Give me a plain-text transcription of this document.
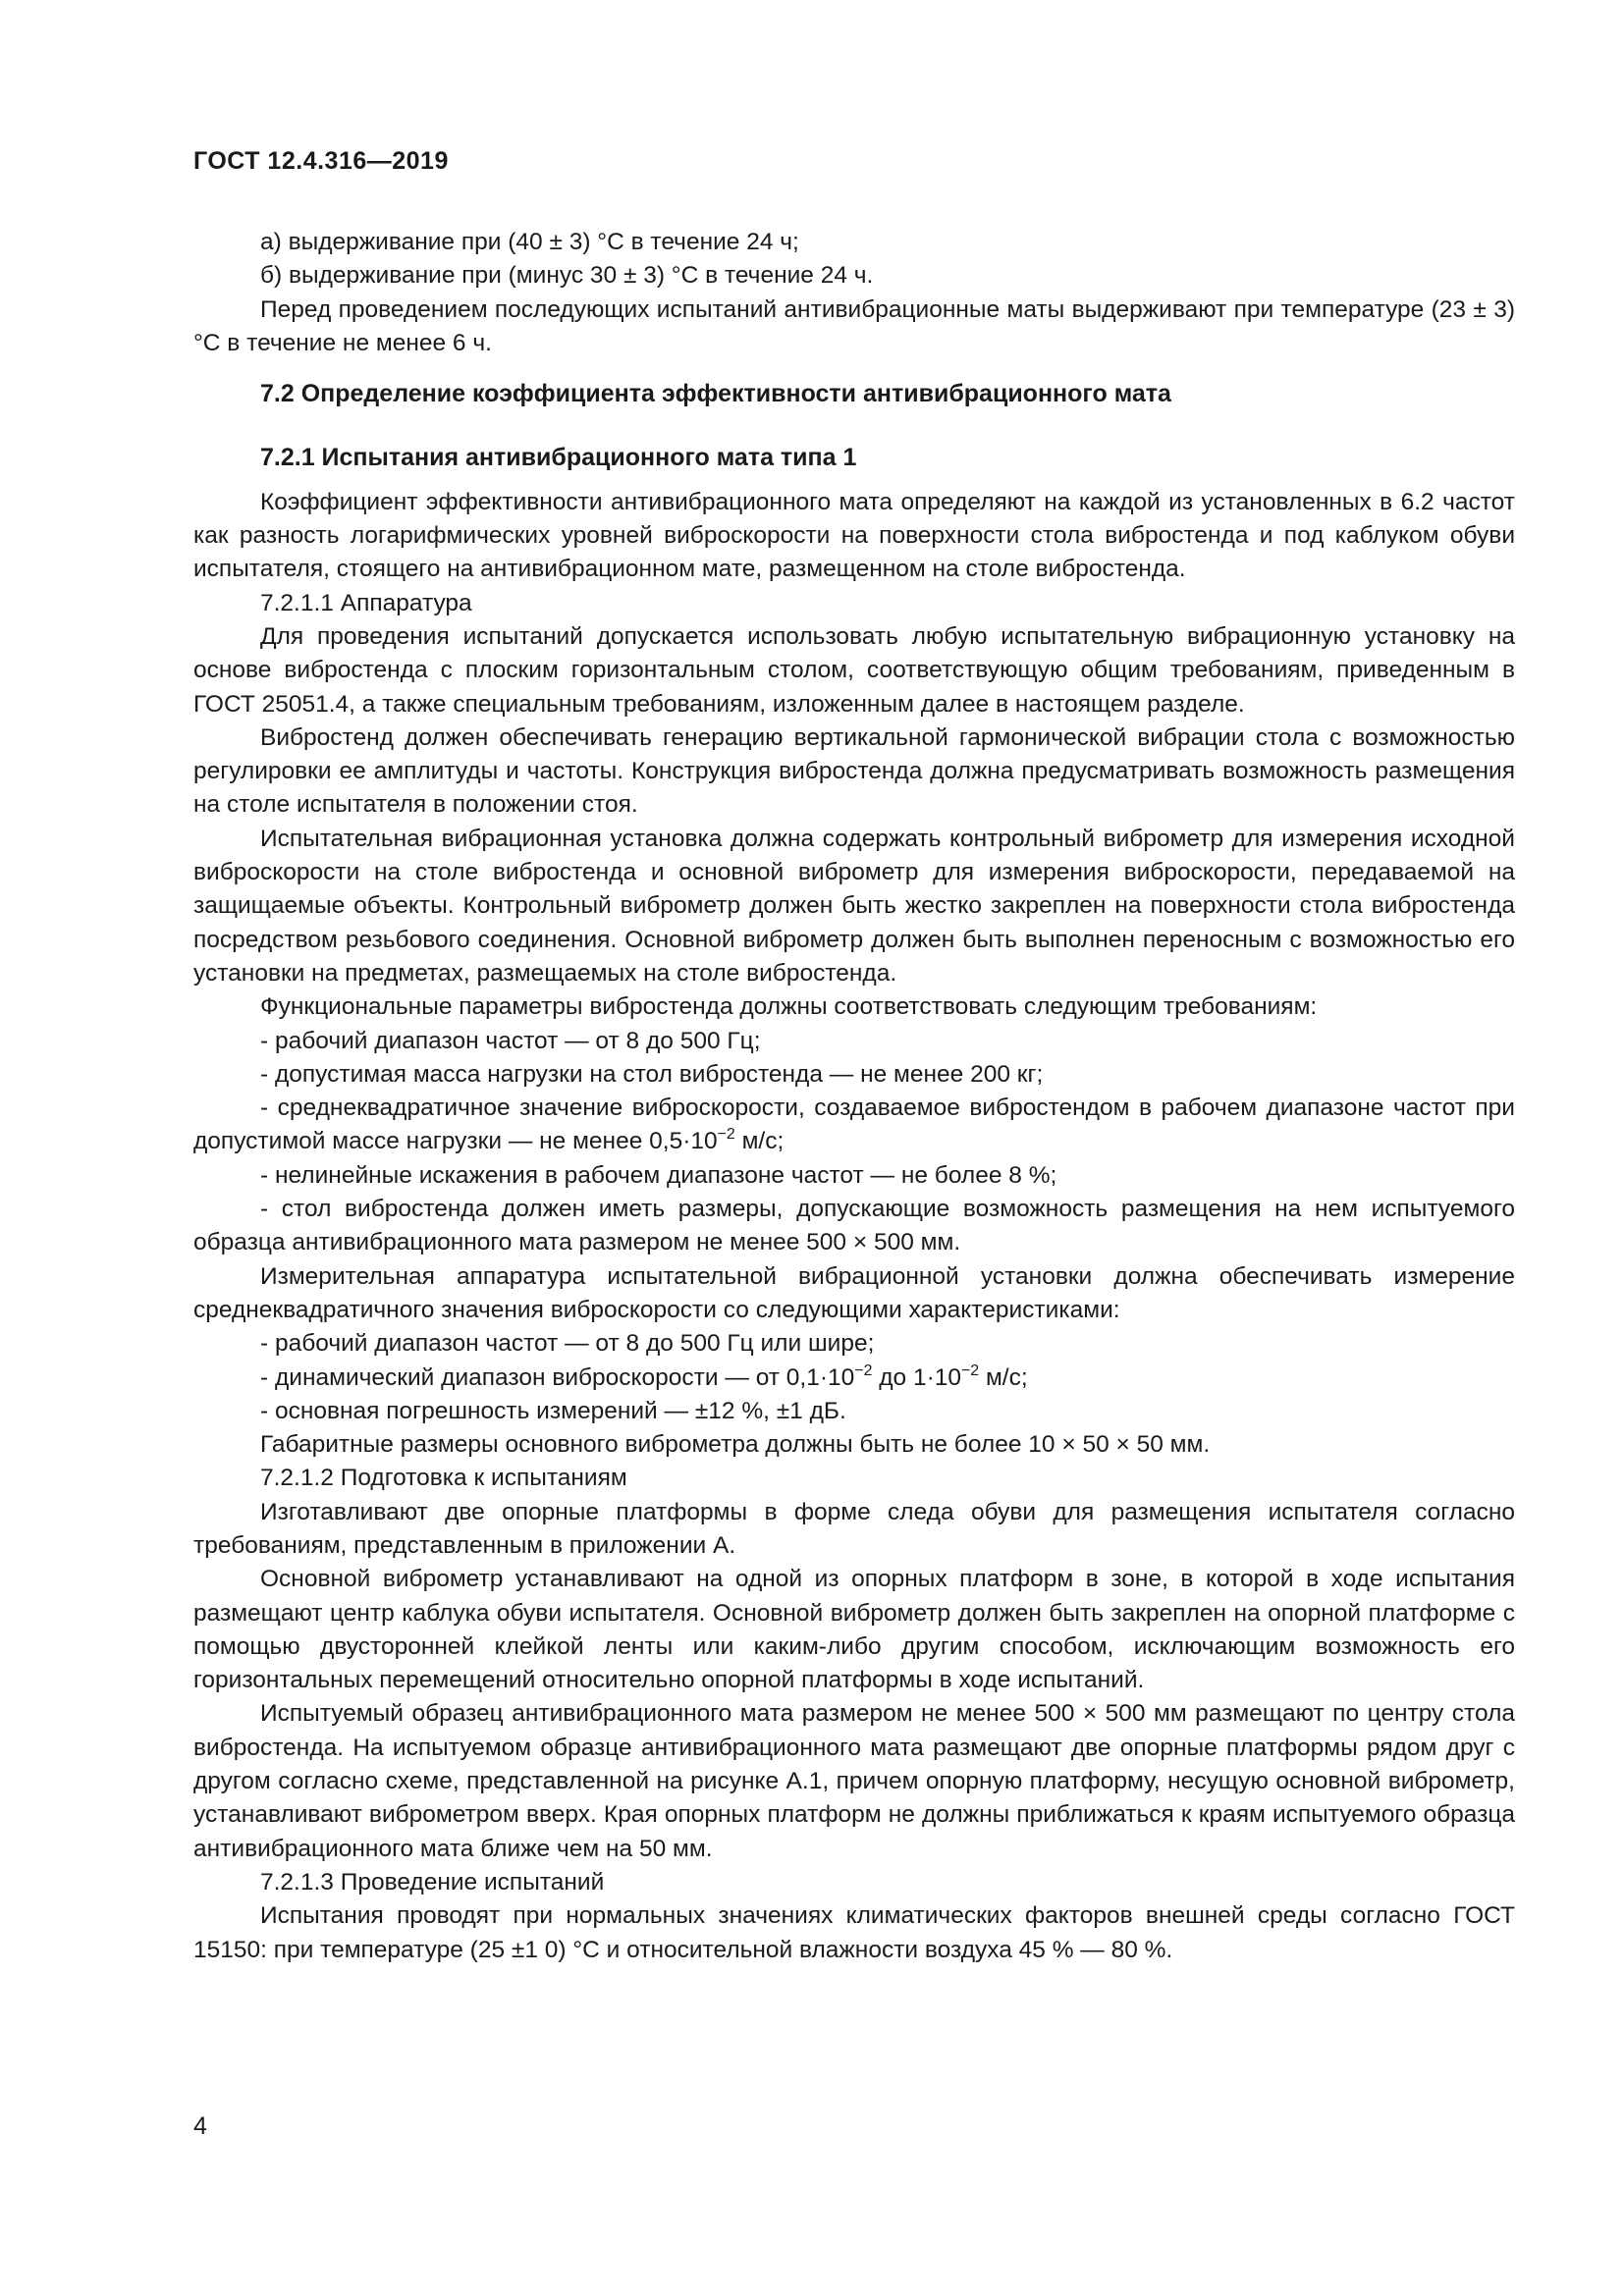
ГОСТ 12.4.316—2019

а) выдерживание при (40 ± 3) °С в течение 24 ч;

б) выдерживание при (минус 30 ± 3) °С в течение 24 ч.

Перед проведением последующих испытаний антивибрационные маты выдерживают при температуре (23 ± 3) °С в течение не менее 6 ч.

7.2 Определение коэффициента эффективности антивибрационного мата
7.2.1 Испытания антивибрационного мата типа 1

Коэффициент эффективности антивибрационного мата определяют на каждой из установленных в 6.2 частот как разность логарифмических уровней виброскорости на поверхности стола вибростенда и под каблуком обуви испытателя, стоящего на антивибрационном мате, размещенном на столе вибростенда.

7.2.1.1 Аппаратура

Для проведения испытаний допускается использовать любую испытательную вибрационную установку на основе вибростенда с плоским горизонтальным столом, соответствующую общим требованиям, приведенным в ГОСТ 25051.4, а также специальным требованиям, изложенным далее в настоящем разделе.

Вибростенд должен обеспечивать генерацию вертикальной гармонической вибрации стола с возможностью регулировки ее амплитуды и частоты. Конструкция вибростенда должна предусматривать возможность размещения на столе испытателя в положении стоя.

Испытательная вибрационная установка должна содержать контрольный виброметр для измерения исходной виброскорости на столе вибростенда и основной виброметр для измерения виброскорости, передаваемой на защищаемые объекты. Контрольный виброметр должен быть жестко закреплен на поверхности стола вибростенда посредством резьбового соединения. Основной виброметр должен быть выполнен переносным с возможностью его установки на предметах, размещаемых на столе вибростенда.

Функциональные параметры вибростенда должны соответствовать следующим требованиям:

- рабочий диапазон частот — от 8 до 500 Гц;

- допустимая масса нагрузки на стол вибростенда — не менее 200 кг;

- среднеквадратичное значение виброскорости, создаваемое вибростендом в рабочем диапазоне частот при допустимой массе нагрузки — не менее $0,5\cdot 10^{-2}$ м/с;

- нелинейные искажения в рабочем диапазоне частот — не более 8 %;

- стол вибростенда должен иметь размеры, допускающие возможность размещения на нем испытуемого образца антивибрационного мата размером не менее 500 × 500 мм.

Измерительная аппаратура испытательной вибрационной установки должна обеспечивать измерение среднеквадратичного значения виброскорости со следующими характеристиками:

- рабочий диапазон частот — от 8 до 500 Гц или шире;

- динамический диапазон виброскорости — от $0,1\cdot 10^{-2}$ до $1\cdot 10^{-2}$ м/с;

- основная погрешность измерений — ±12 %, ±1 дБ.

Габаритные размеры основного виброметра должны быть не более 10 × 50 × 50 мм.

7.2.1.2 Подготовка к испытаниям

Изготавливают две опорные платформы в форме следа обуви для размещения испытателя согласно требованиям, представленным в приложении А.

Основной виброметр устанавливают на одной из опорных платформ в зоне, в которой в ходе испытания размещают центр каблука обуви испытателя. Основной виброметр должен быть закреплен на опорной платформе с помощью двусторонней клейкой ленты или каким-либо другим способом, исключающим возможность его горизонтальных перемещений относительно опорной платформы в ходе испытаний.

Испытуемый образец антивибрационного мата размером не менее 500 × 500 мм размещают по центру стола вибростенда. На испытуемом образце антивибрационного мата размещают две опорные платформы рядом друг с другом согласно схеме, представленной на рисунке А.1, причем опорную платформу, несущую основной виброметр, устанавливают виброметром вверх. Края опорных платформ не должны приближаться к краям испытуемого образца антивибрационного мата ближе чем на 50 мм.

7.2.1.3 Проведение испытаний

Испытания проводят при нормальных значениях климатических факторов внешней среды согласно ГОСТ 15150: при температуре (25 ±1 0) °С и относительной влажности воздуха 45 % — 80 %.

4
